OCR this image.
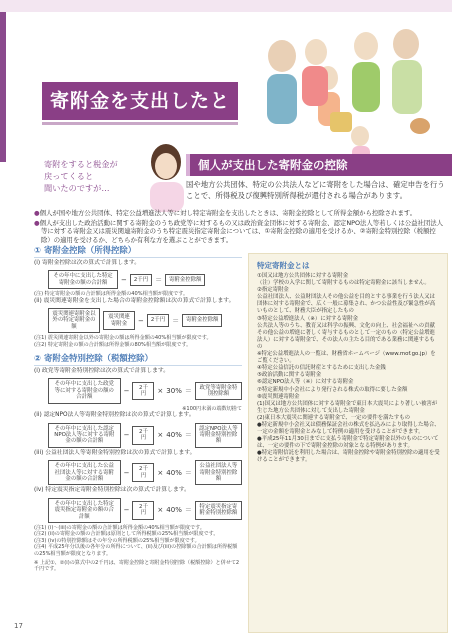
寄附金を支出したとき
寄附をすると税金が
戻ってくると
聞いたのですが…
個人が支出した寄附金の控除
国や地方公共団体、特定の公共法人などに寄附をした場合は、確定申告を行うことで、所得税及び復興特別所得税が還付される場合があります。

●個人が国や地方公共団体、特定公益増進法人等に対し特定寄附金を支出したときは、寄附金控除として所得金額から控除されます。

●個人が支出した政治活動に関する寄附金のうち政党等に対するもの又は政治資金団体に対する寄附金、認定NPO法人等若しくは公益社団法人等に対する寄附金又は震災関連寄附金のうち特定震災指定寄附金については、①寄附金控除の適用を受けるか、②寄附金特別控除（税額控除）の適用を受けるか、どちらか有利な方を選ぶことができます。

① 寄附金控除（所得控除）

(i) 寄附金控除は次の算式で計算します。

その年中に支出した特定寄附金の額の合計額	−	2千円	＝	寄附金控除額

(注) 特定寄附金の額の合計額は所得金額の40%相当額が限度です。

(ii) 震災関連寄附金を支出した場合の寄附金控除額は次の算式で計算します。

震災関連寄附金以外の特定寄附金の額
震災関連寄附金	−	2千円	＝	寄附金控除額

(注1) 震災関連寄附金以外の寄附金の額は所得金額の40%相当額が限度です。

(注2) 特定寄附金の額の合計額は所得金額の80%相当額が限度です。

② 寄附金特別控除（税額控除）

(i) 政党等寄附金特別控除は次の算式で計算します。

その年中に支出した政党等に対する寄附金の額の合計額
−	2千円	× 30% ＝	政党等寄附金特別控除額

※100円未満の端数切捨て

(ii) 認定NPO法人等寄附金特別控除は次の算式で計算します。

その年中に支出した認定NPO法人等に対する寄附金の額の合計額
−	2千円	× 40% ＝
認定NPO法人等寄附金特別控除額

(iii) 公益社団法人等寄附金特別控除は次の算式で計算します。

その年中に支出した公益社団法人等に対する寄附金の額の合計額
−	2千円	× 40% ＝
公益社団法人等寄附金特別控除額

(iv) 特定震災指定寄附金特別控除は次の算式で計算します。

その年中に支出した特定震災指定寄附金の額の合計額
−	2千円	× 40% ＝	特定震災指定寄附金特別控除額

(注1) (i)〜(iii)の寄附金の額の合計額は所得金額の40%相当額が限度です。

(注2) (ii)の寄附金の額の合計額は原則として所得税額の25%相当額が限度です。

(注3) (iv)の特別控除額はその年分の所得税額の25%相当額が限度です。

(注4) 平成25年分以後の各年分の所得について、(ii)及び(iii)の控除額の合計額は所得税額の25%相当額が限度となります。

※ 上記①、②(ⅰ)の算式中の2千円は、寄附金控除と寄附金特別控除（税額控除）と併せて2千円です。

特定寄附金とは
①国又は地方公共団体に対する寄附金
（注）学校の入学に関して寄附するものは特定寄附金に該当しません。
②指定寄附金
公益社団法人、公益財団法人その他公益を目的とする事業を行う法人又は団体に対する寄附金で、広く一般に募集され、かつ公益性及び緊急性が高いものとして、財務大臣が指定したもの
③特定公益増進法人（※）に対する寄附金
公共法人等のうち、教育又は科学の振興、文化の向上、社会福祉への貢献その他公益の増進に著しく寄与するものとして一定のもの（特定公益増進法人）に対する寄附金で、その法人の主たる目的である業務に関連するもの
※特定公益増進法人の一覧は、財務省ホームページ（www.mof.go.jp）をご覧ください。
④特定公益信託の信託財産とするために支出した金銭
⑤政治活動に関する寄附金
⑥認定NPO法人等（※）に対する寄附金
⑦特定新規中小会社により発行される株式の取得に要した金額
⑧震災関連寄附金
(1)国又は地方公共団体に対する寄附金で東日本大震災により著しい被害が生じた地方公共団体に対して支出した寄附金
(2)東日本大震災に関連する寄附金で、一定の要件を満たすもの
●特定新規中小会社又は債務保証会社の株式を払込みにより取得した場合、一定の金額を寄附金とみなして特例の適用を受けることができます。
●平成25年11月30日までに支払う寄附金で特定寄附金以外のものについては、一定の要件の下で寄附金控除の対象となる特例があります。
●特定寄附信託を利用した場合は、寄附金控除や寄附金特別控除の適用を受けることができます。
17
